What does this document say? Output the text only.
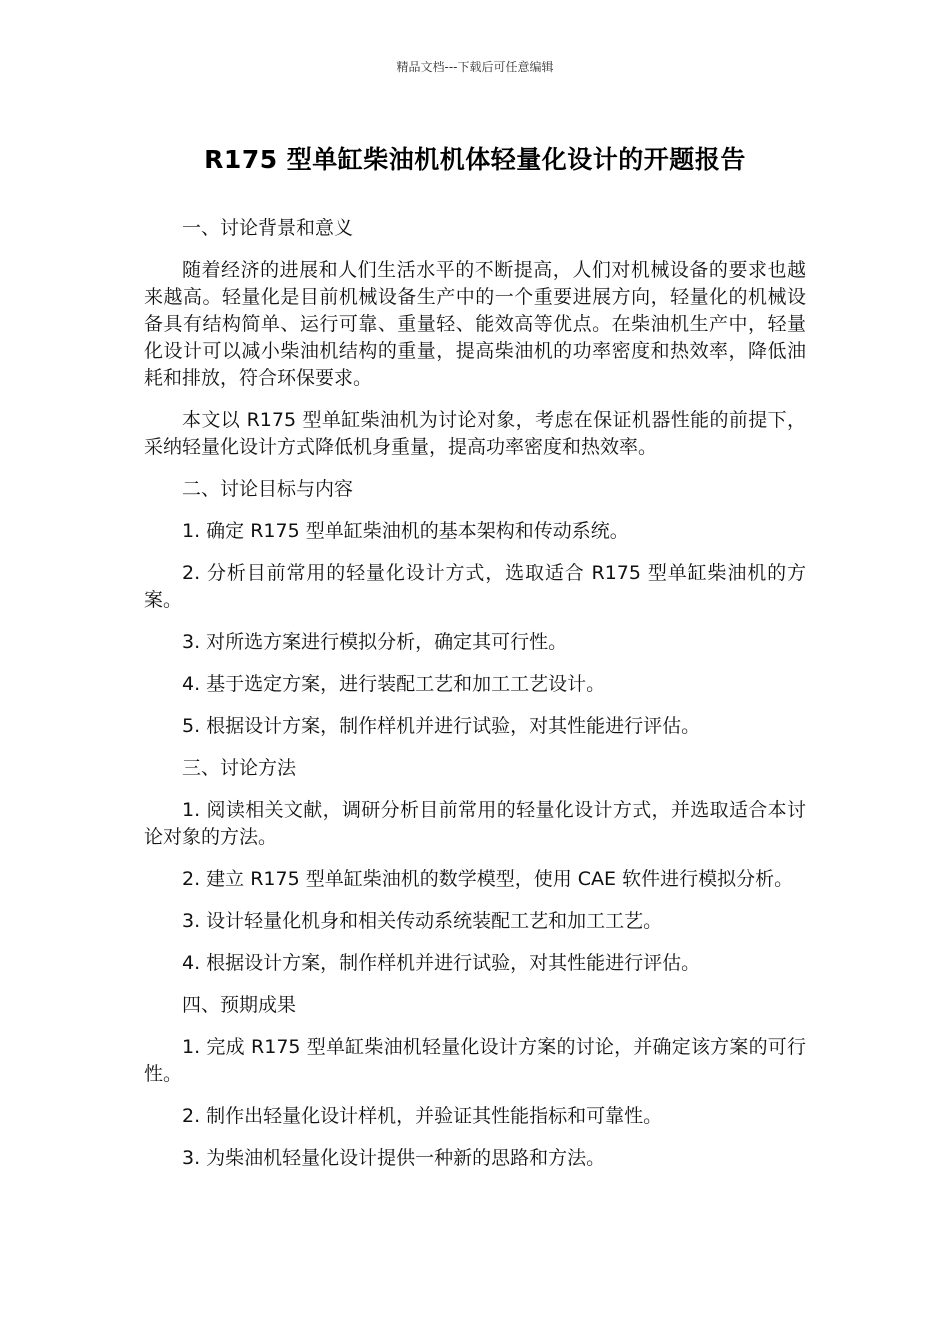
精品文档---下载后可任意编辑
R175 型单缸柴油机机体轻量化设计的开题报告

一、讨论背景和意义

随着经济的进展和人们生活水平的不断提高，人们对机械设备的要求也越来越高。轻量化是目前机械设备生产中的一个重要进展方向，轻量化的机械设备具有结构简单、运行可靠、重量轻、能效高等优点。在柴油机生产中，轻量化设计可以减小柴油机结构的重量，提高柴油机的功率密度和热效率，降低油耗和排放，符合环保要求。

本文以 R175 型单缸柴油机为讨论对象，考虑在保证机器性能的前提下，采纳轻量化设计方式降低机身重量，提高功率密度和热效率。

二、讨论目标与内容

1. 确定 R175 型单缸柴油机的基本架构和传动系统。

2. 分析目前常用的轻量化设计方式，选取适合 R175 型单缸柴油机的方案。

3. 对所选方案进行模拟分析，确定其可行性。

4. 基于选定方案，进行装配工艺和加工工艺设计。

5. 根据设计方案，制作样机并进行试验，对其性能进行评估。

三、讨论方法

1. 阅读相关文献，调研分析目前常用的轻量化设计方式，并选取适合本讨论对象的方法。

2. 建立 R175 型单缸柴油机的数学模型，使用 CAE 软件进行模拟分析。

3. 设计轻量化机身和相关传动系统装配工艺和加工工艺。

4. 根据设计方案，制作样机并进行试验，对其性能进行评估。

四、预期成果

1. 完成 R175 型单缸柴油机轻量化设计方案的讨论，并确定该方案的可行性。

2. 制作出轻量化设计样机，并验证其性能指标和可靠性。

3. 为柴油机轻量化设计提供一种新的思路和方法。
